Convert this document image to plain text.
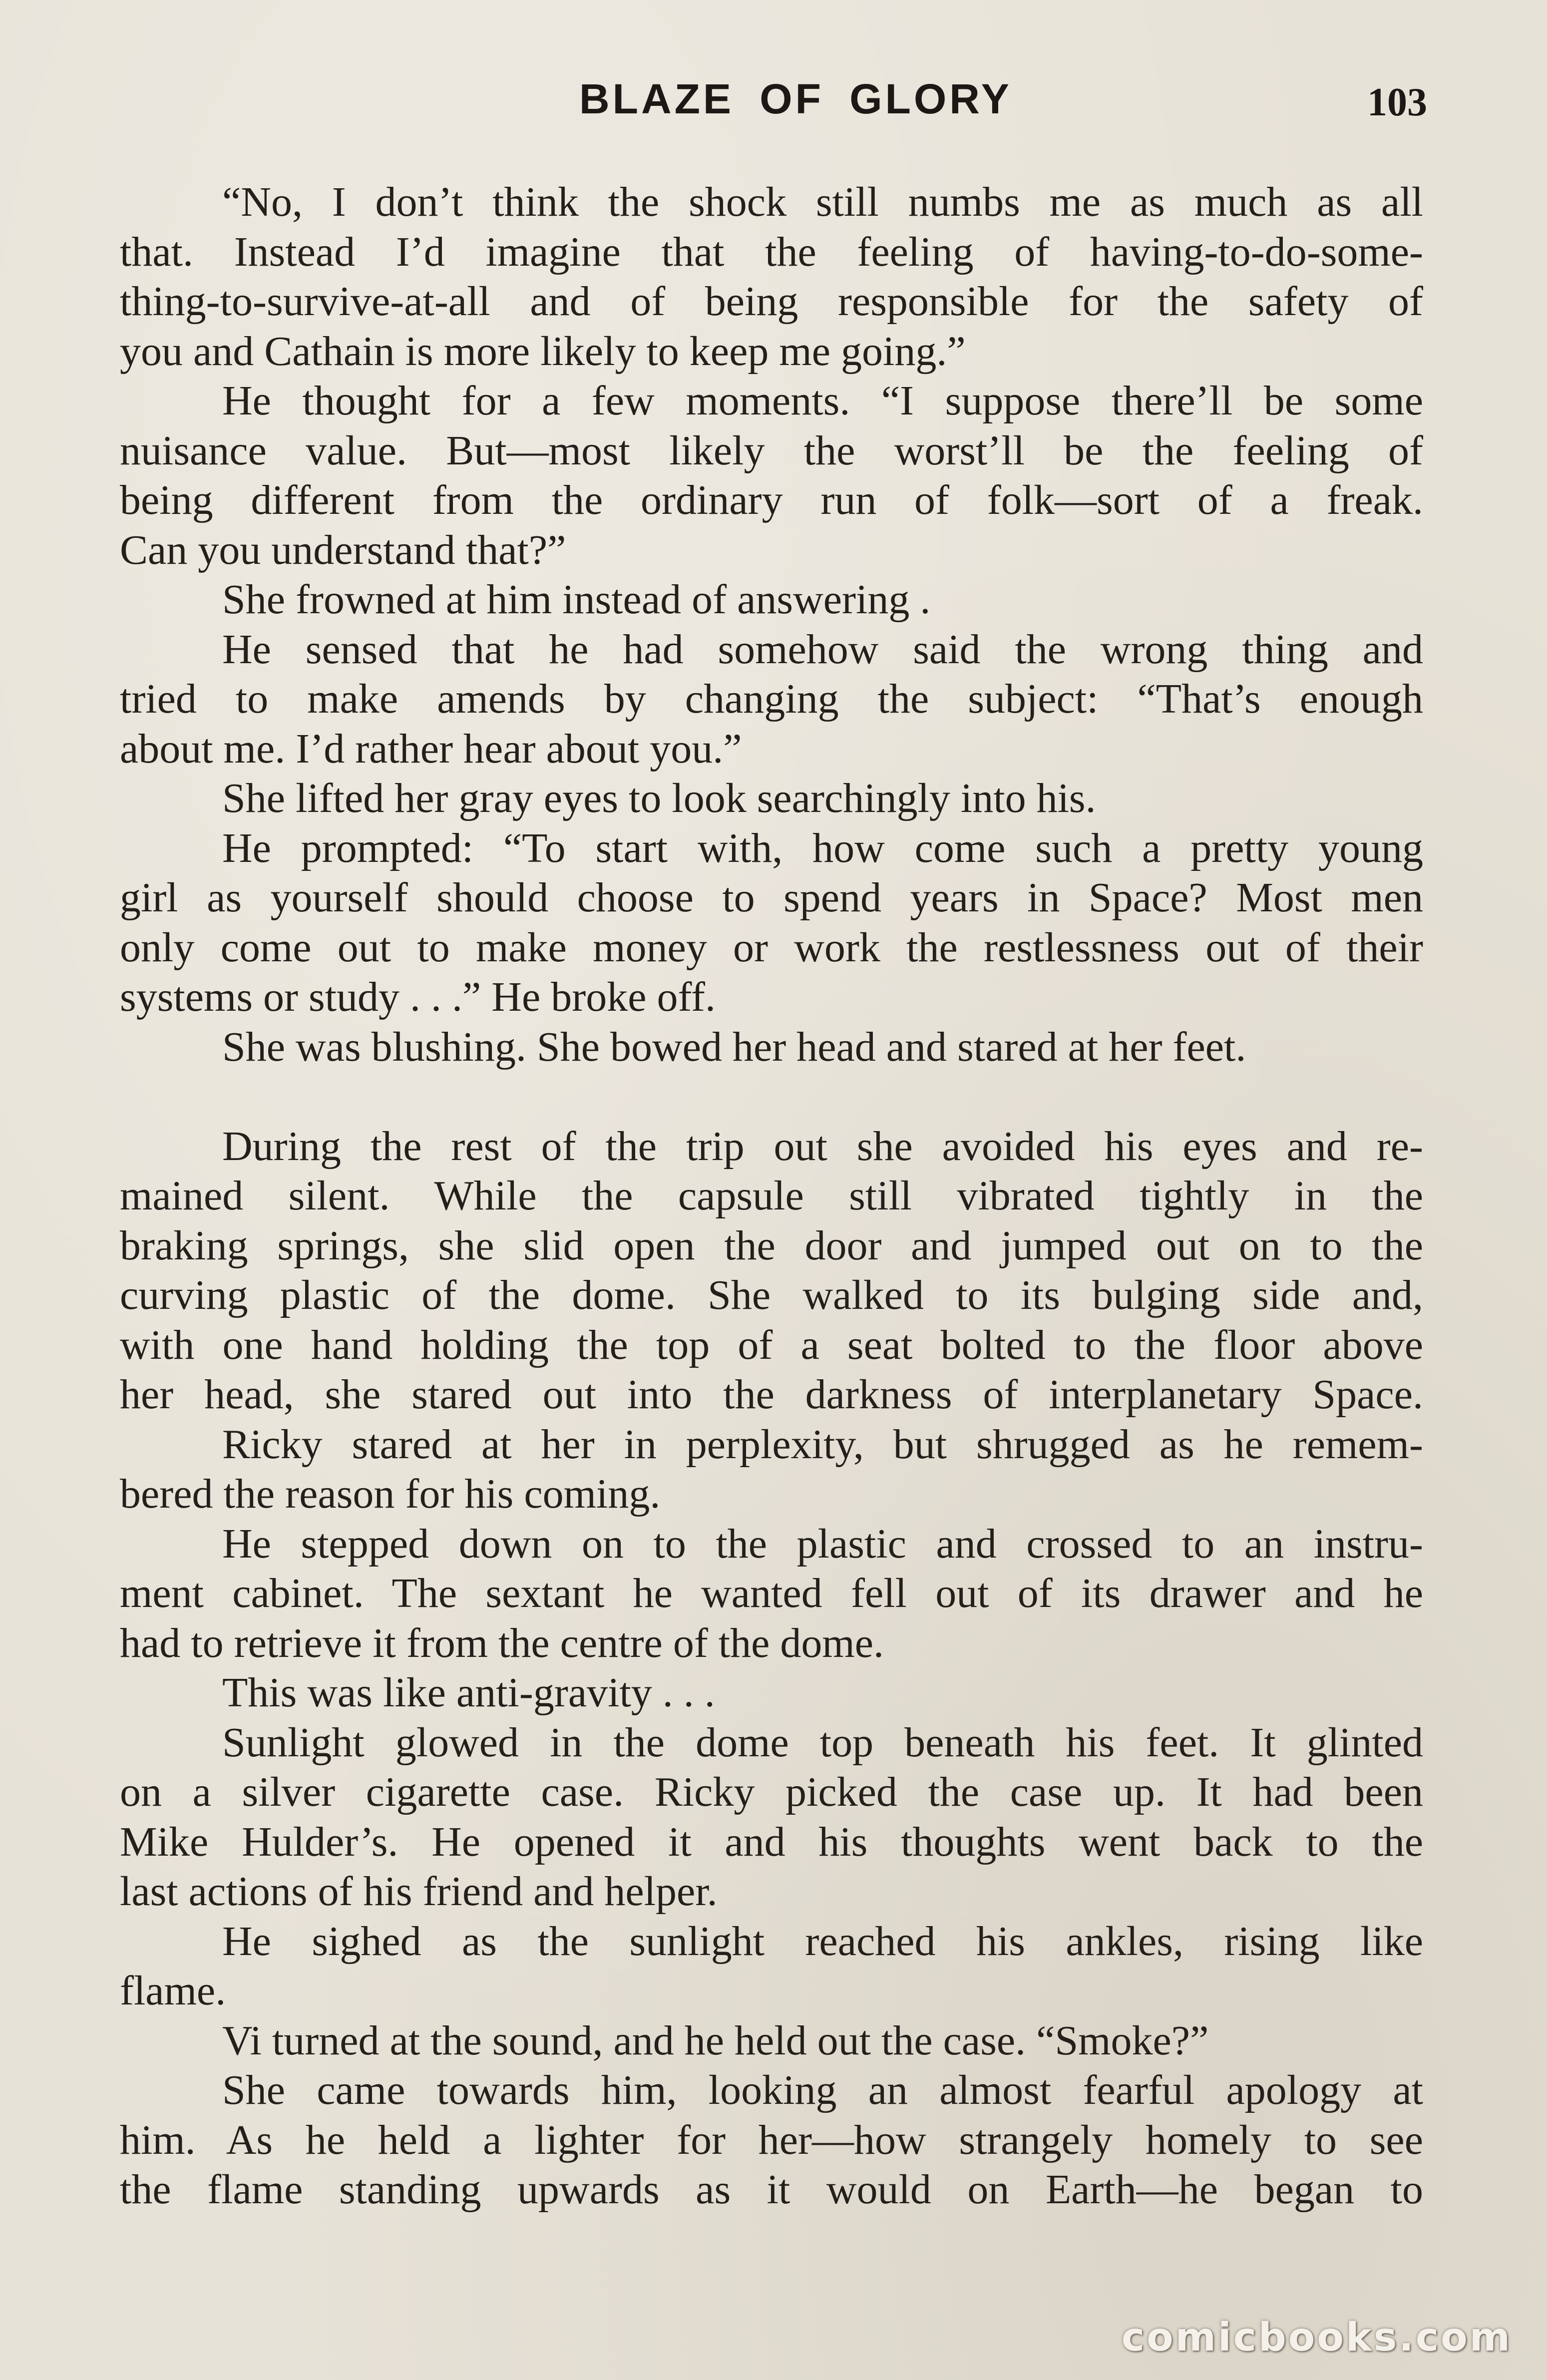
BLAZE OF GLORY	103
“No, I don’t think the shock still numbs me as much as all
that. Instead I’d imagine that the feeling of having-to-do-some-
thing-to-survive-at-all and of being responsible for the safety of
you and Cathain is more likely to keep me going.”
He thought for a few moments. “I suppose there’ll be some
nuisance value. But—most likely the worst’ll be the feeling of
being different from the ordinary run of folk—sort of a freak.
Can you understand that?”
She frowned at him instead of answering .
He sensed that he had somehow said the wrong thing and
tried to make amends by changing the subject: “That’s enough
about me. I’d rather hear about you.”
She lifted her gray eyes to look searchingly into his.
He prompted: “To start with, how come such a pretty young
girl as yourself should choose to spend years in Space? Most men
only come out to make money or work the restlessness out of their
systems or study . . .” He broke off.
She was blushing. She bowed her head and stared at her feet.
During the rest of the trip out she avoided his eyes and re-
mained silent. While the capsule still vibrated tightly in the
braking springs, she slid open the door and jumped out on to the
curving plastic of the dome. She walked to its bulging side and,
with one hand holding the top of a seat bolted to the floor above
her head, she stared out into the darkness of interplanetary Space.
Ricky stared at her in perplexity, but shrugged as he remem-
bered the reason for his coming.
He stepped down on to the plastic and crossed to an instru-
ment cabinet. The sextant he wanted fell out of its drawer and he
had to retrieve it from the centre of the dome.
This was like anti-gravity . . .
Sunlight glowed in the dome top beneath his feet. It glinted
on a silver cigarette case. Ricky picked the case up. It had been
Mike Hulder’s. He opened it and his thoughts went back to the
last actions of his friend and helper.
He sighed as the sunlight reached his ankles, rising like
flame.
Vi turned at the sound, and he held out the case. “Smoke?”
She came towards him, looking an almost fearful apology at
him. As he held a lighter for her—how strangely homely to see
the flame standing upwards as it would on Earth—he began to
comicbooks.com
